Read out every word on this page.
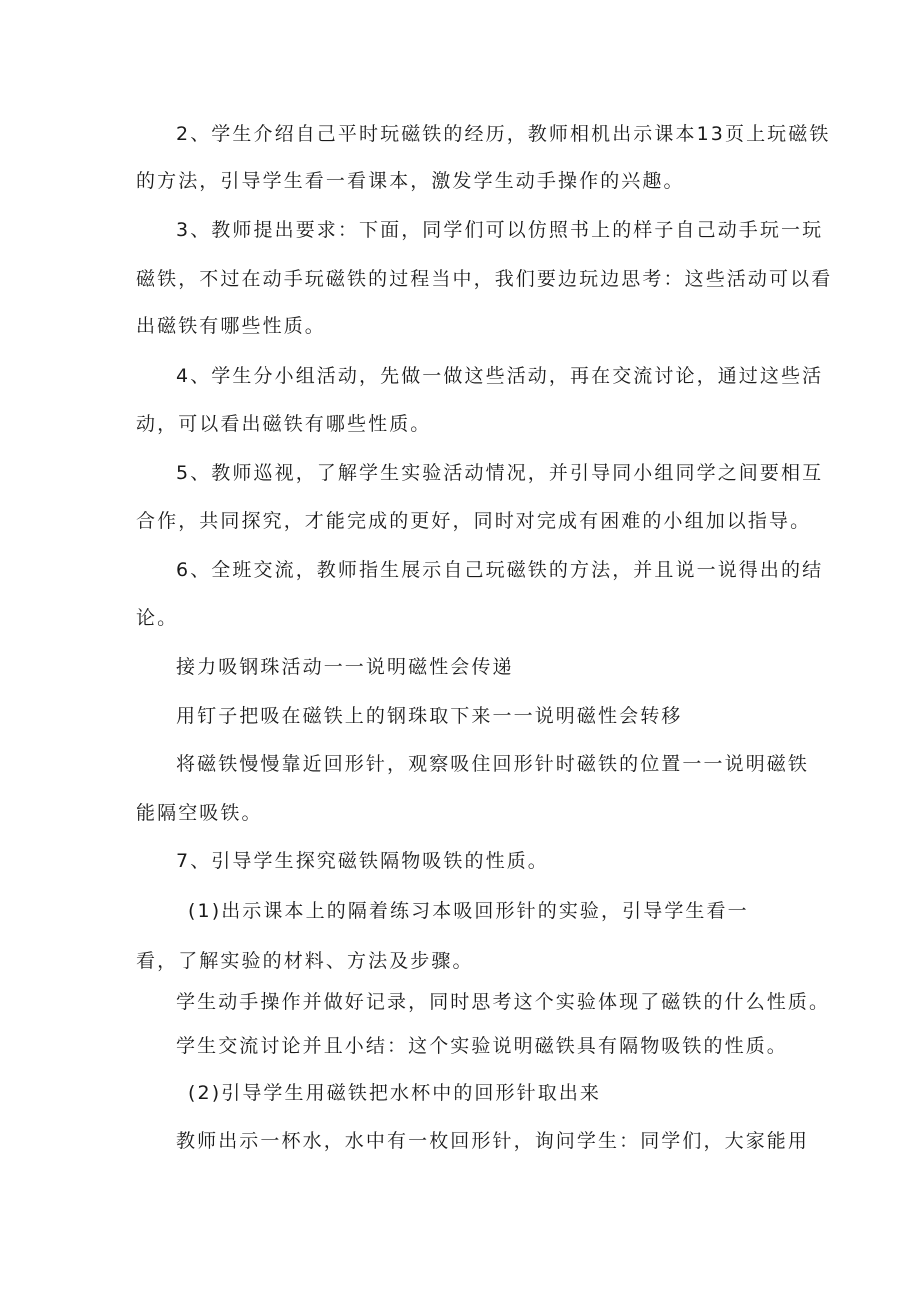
2、学生介绍自己平时玩磁铁的经历，教师相机出示课本13页上玩磁铁
的方法，引导学生看一看课本，激发学生动手操作的兴趣。
3、教师提出要求：下面，同学们可以仿照书上的样子自己动手玩一玩
磁铁，不过在动手玩磁铁的过程当中，我们要边玩边思考：这些活动可以看
出磁铁有哪些性质。
4、学生分小组活动，先做一做这些活动，再在交流讨论，通过这些活
动，可以看出磁铁有哪些性质。
5、教师巡视，了解学生实验活动情况，并引导同小组同学之间要相互
合作，共同探究，才能完成的更好，同时对完成有困难的小组加以指导。
6、全班交流，教师指生展示自己玩磁铁的方法，并且说一说得出的结
论。
接力吸钢珠活动一一说明磁性会传递
用钉子把吸在磁铁上的钢珠取下来一一说明磁性会转移
将磁铁慢慢靠近回形针，观察吸住回形针时磁铁的位置一一说明磁铁
能隔空吸铁。
7、引导学生探究磁铁隔物吸铁的性质。
(1)出示课本上的隔着练习本吸回形针的实验，引导学生看一
看，了解实验的材料、方法及步骤。
学生动手操作并做好记录，同时思考这个实验体现了磁铁的什么性质。
学生交流讨论并且小结：这个实验说明磁铁具有隔物吸铁的性质。
(2)引导学生用磁铁把水杯中的回形针取出来
教师出示一杯水，水中有一枚回形针，询问学生：同学们，大家能用
